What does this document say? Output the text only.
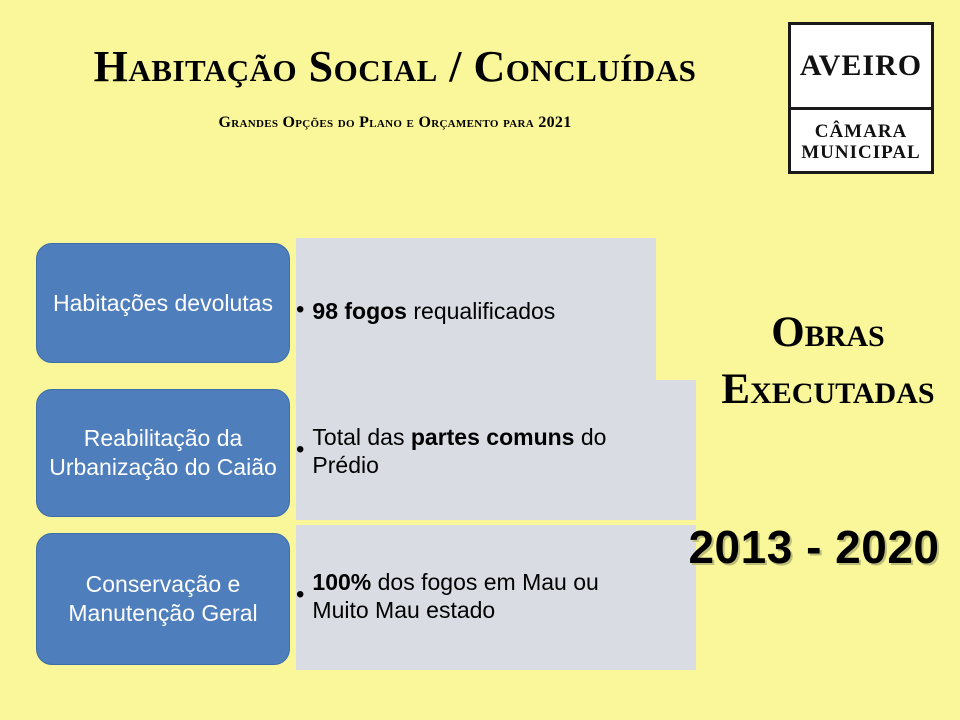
Habitação Social / Concluídas
Grandes Opções do Plano e Orçamento para 2021
AVEIRO
CÂMARA
MUNICIPAL
• 98 fogos requalificados
Habitações devolutas
• Total das partes comuns do Prédio
Reabilitação da Urbanização do Caião
• 100% dos fogos em Mau ou Muito Mau estado
Conservação e Manutenção Geral
Obras
Executadas
2013 - 2020
